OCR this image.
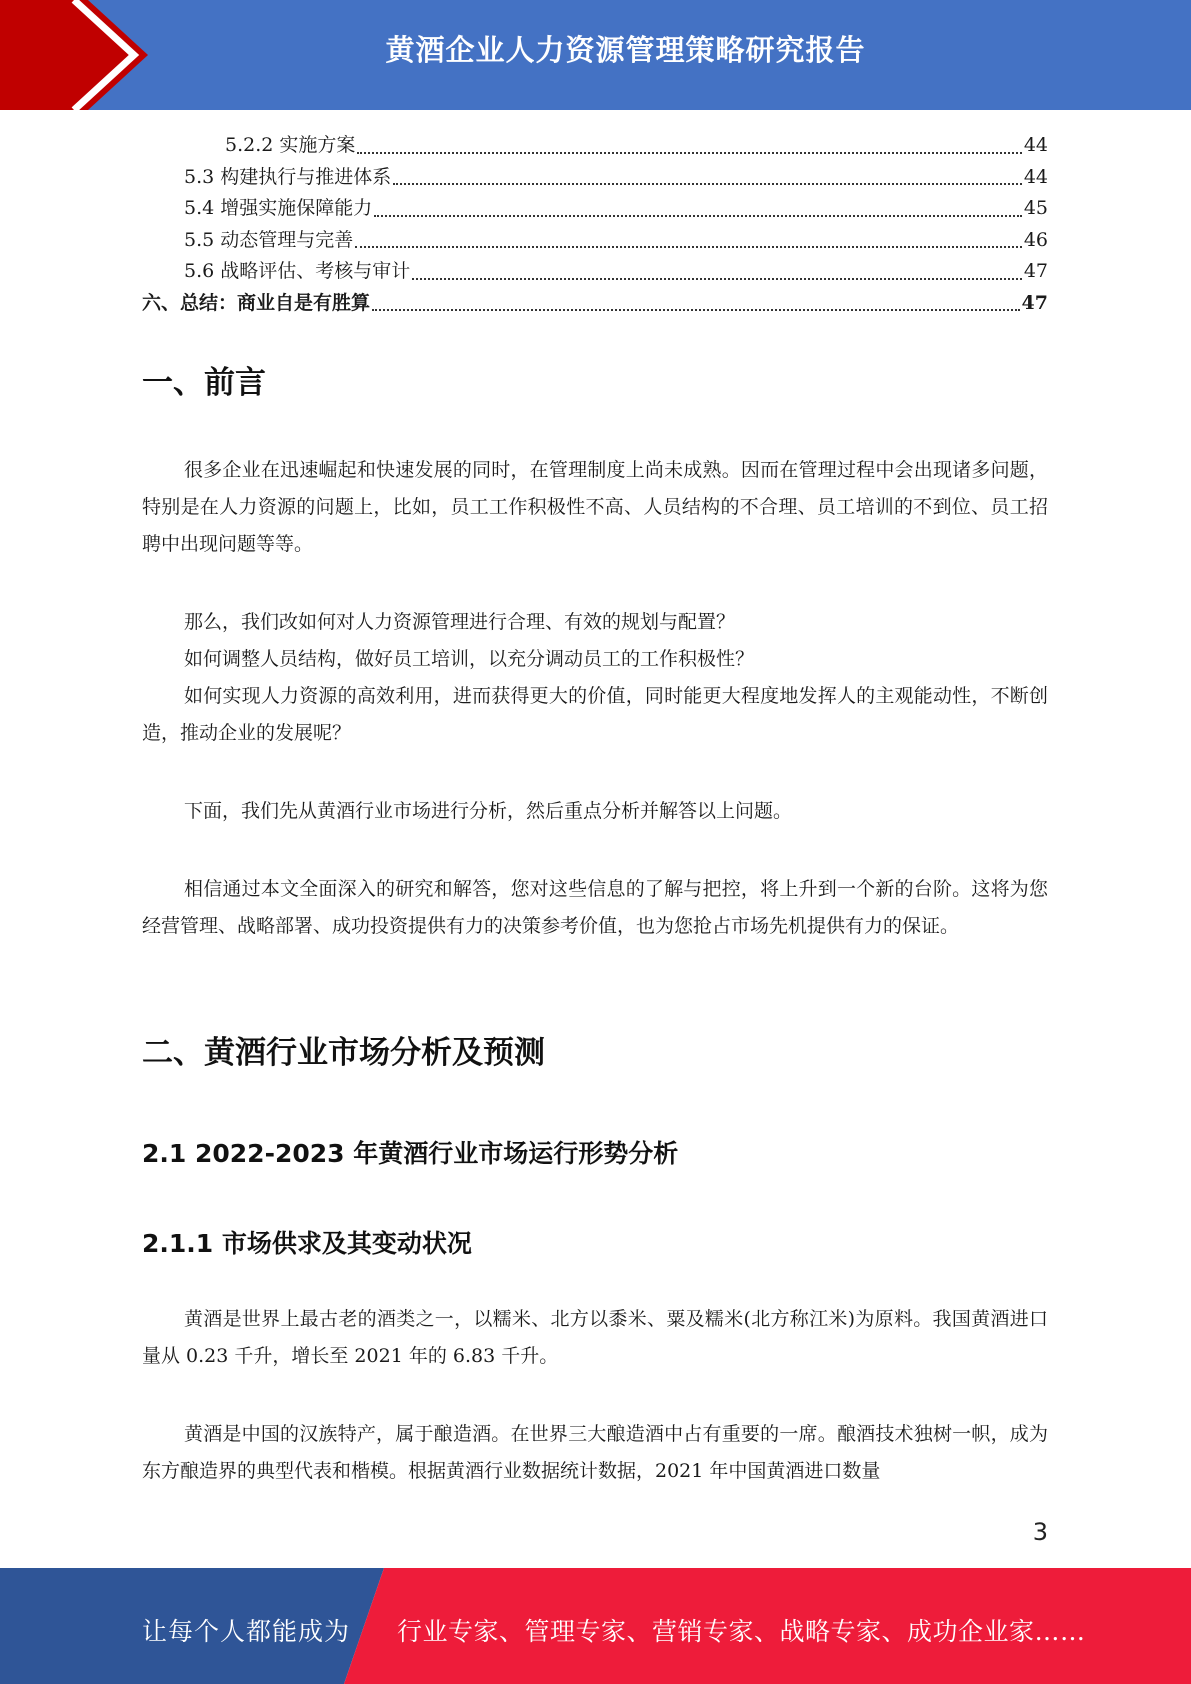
黄酒企业人力资源管理策略研究报告
5.2.2 实施方案	44
5.3 构建执行与推进体系	44
5.4 增强实施保障能力	45
5.5 动态管理与完善	46
5.6 战略评估、考核与审计	47
六、总结：商业自是有胜算	47
一、前言

很多企业在迅速崛起和快速发展的同时，在管理制度上尚未成熟。因而在管理过程中会出现诸多问题，特别是在人力资源的问题上，比如，员工工作积极性不高、人员结构的不合理、员工培训的不到位、员工招聘中出现问题等等。

那么，我们改如何对人力资源管理进行合理、有效的规划与配置？

如何调整人员结构，做好员工培训，以充分调动员工的工作积极性？

如何实现人力资源的高效利用，进而获得更大的价值，同时能更大程度地发挥人的主观能动性，不断创造，推动企业的发展呢？

下面，我们先从黄酒行业市场进行分析，然后重点分析并解答以上问题。

相信通过本文全面深入的研究和解答，您对这些信息的了解与把控，将上升到一个新的台阶。这将为您经营管理、战略部署、成功投资提供有力的决策参考价值，也为您抢占市场先机提供有力的保证。

二、黄酒行业市场分析及预测
2.1 2022-2023 年黄酒行业市场运行形势分析
2.1.1 市场供求及其变动状况

黄酒是世界上最古老的酒类之一，以糯米、北方以黍米、粟及糯米(北方称江米)为原料。我国黄酒进口量从 0.23 千升，增长至 2021 年的 6.83 千升。

黄酒是中国的汉族特产，属于酿造酒。在世界三大酿造酒中占有重要的一席。酿酒技术独树一帜，成为东方酿造界的典型代表和楷模。根据黄酒行业数据统计数据，2021 年中国黄酒进口数量

3
让每个人都能成为 行业专家、管理专家、营销专家、战略专家、成功企业家……
